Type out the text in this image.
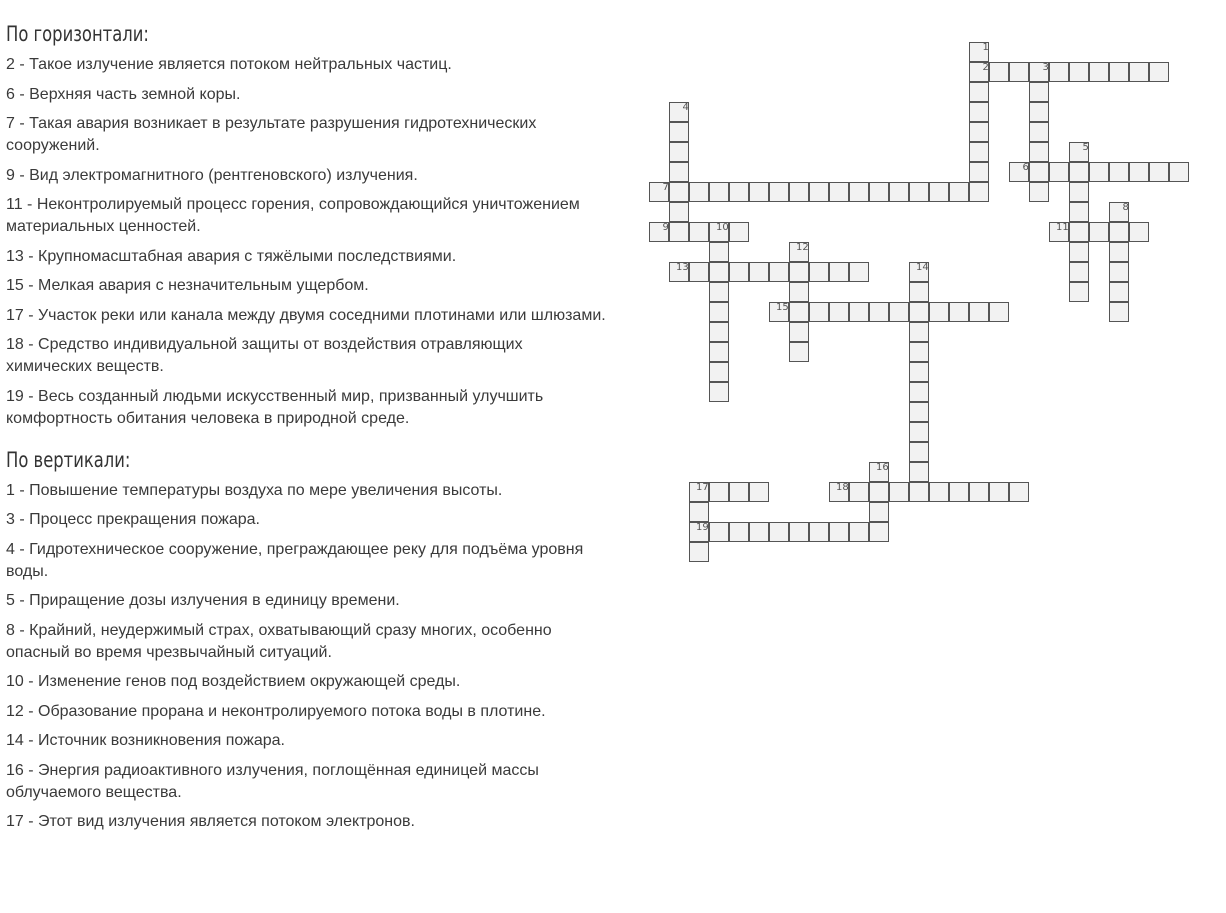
По горизонтали:
2 - Такое излучение является потоком нейтральных частиц.
6 - Верхняя часть земной коры.
7 - Такая авария возникает в результате разрушения гидротехнических сооружений.
9 - Вид электромагнитного (рентгеновского) излучения.
11 - Неконтролируемый процесс горения, сопровождающийся уничтожением материальных ценностей.
13 - Крупномасштабная авария с тяжёлыми последствиями.
15 - Мелкая авария с незначительным ущербом.
17 - Участок реки или канала между двумя соседними плотинами или шлюзами.
18 - Средство индивидуальной защиты от воздействия отравляющих химических веществ.
19 - Весь созданный людьми искусственный мир, призванный улучшить комфортность обитания человека в природной среде.
По вертикали:
1 - Повышение температуры воздуха по мере увеличения высоты.
3 - Процесс прекращения пожара.
4 - Гидротехническое сооружение, преграждающее реку для подъёма уровня воды.
5 - Приращение дозы излучения в единицу времени.
8 - Крайний, неудержимый страх, охватывающий сразу многих, особенно опасный во время чрезвычайный ситуаций.
10 - Изменение генов под воздействием окружающей среды.
12 - Образование прорана и неконтролируемого потока воды в плотине.
14 - Источник возникновения пожара.
16 - Энергия радиоактивного излучения, поглощённая единицей массы облучаемого вещества.
17 - Этот вид излучения является потоком электронов.
2
6
7
9	11
13
15
17	18
19
1
3
4
5
8
10
12
14
16
